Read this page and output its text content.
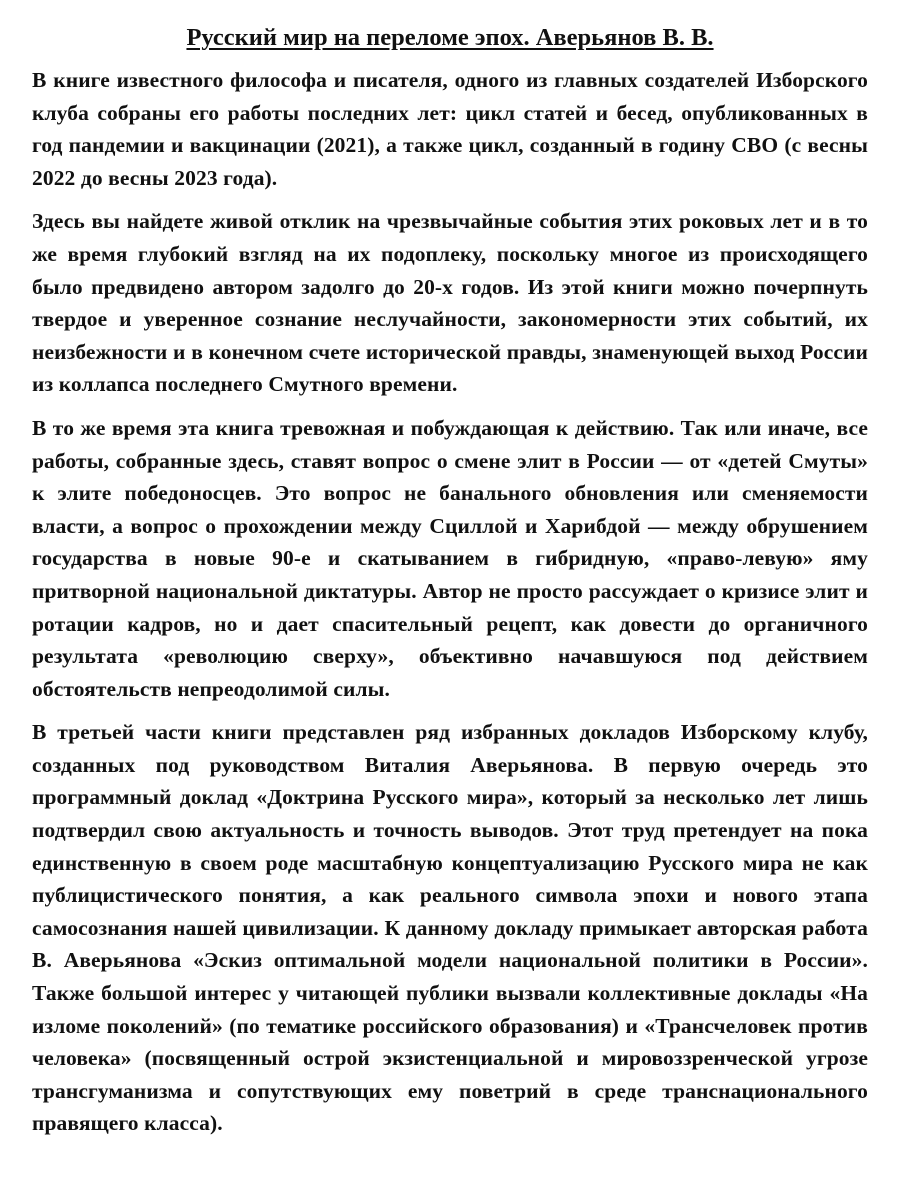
Русский мир на переломе эпох. Аверьянов В. В.

В книге известного философа и писателя, одного из главных создателей Изборского клуба собраны его работы последних лет: цикл статей и бесед, опубликованных в год пандемии и вакцинации (2021), а также цикл, созданный в годину СВО (с весны 2022 до весны 2023 года).

Здесь вы найдете живой отклик на чрезвычайные события этих роковых лет и в то же время глубокий взгляд на их подоплеку, поскольку многое из происходящего было предвидено автором задолго до 20-х годов. Из этой книги можно почерпнуть твердое и уверенное сознание неслучайности, закономерности этих событий, их неизбежности и в конечном счете исторической правды, знаменующей выход России из коллапса последнего Смутного времени.

В то же время эта книга тревожная и побуждающая к действию. Так или иначе, все работы, собранные здесь, ставят вопрос о смене элит в России — от «детей Смуты» к элите победоносцев. Это вопрос не банального обновления или сменяемости власти, а вопрос о прохождении между Сциллой и Харибдой — между обрушением государства в новые 90-е и скатыванием в гибридную, «право-левую» яму притворной национальной диктатуры. Автор не просто рассуждает о кризисе элит и ротации кадров, но и дает спасительный рецепт, как довести до органичного результата «революцию сверху», объективно начавшуюся под действием обстоятельств непреодолимой силы.

В третьей части книги представлен ряд избранных докладов Изборскому клубу, созданных под руководством Виталия Аверьянова. В первую очередь это программный доклад «Доктрина Русского мира», который за несколько лет лишь подтвердил свою актуальность и точность выводов. Этот труд претендует на пока единственную в своем роде масштабную концептуализацию Русского мира не как публицистического понятия, а как реального символа эпохи и нового этапа самосознания нашей цивилизации. К данному докладу примыкает авторская работа В. Аверьянова «Эскиз оптимальной модели национальной политики в России». Также большой интерес у читающей публики вызвали коллективные доклады «На изломе поколений» (по тематике российского образования) и «Трансчеловек против человека» (посвященный острой экзистенциальной и мировоззренческой угрозе трансгуманизма и сопутствующих ему поветрий в среде транснационального правящего класса).
